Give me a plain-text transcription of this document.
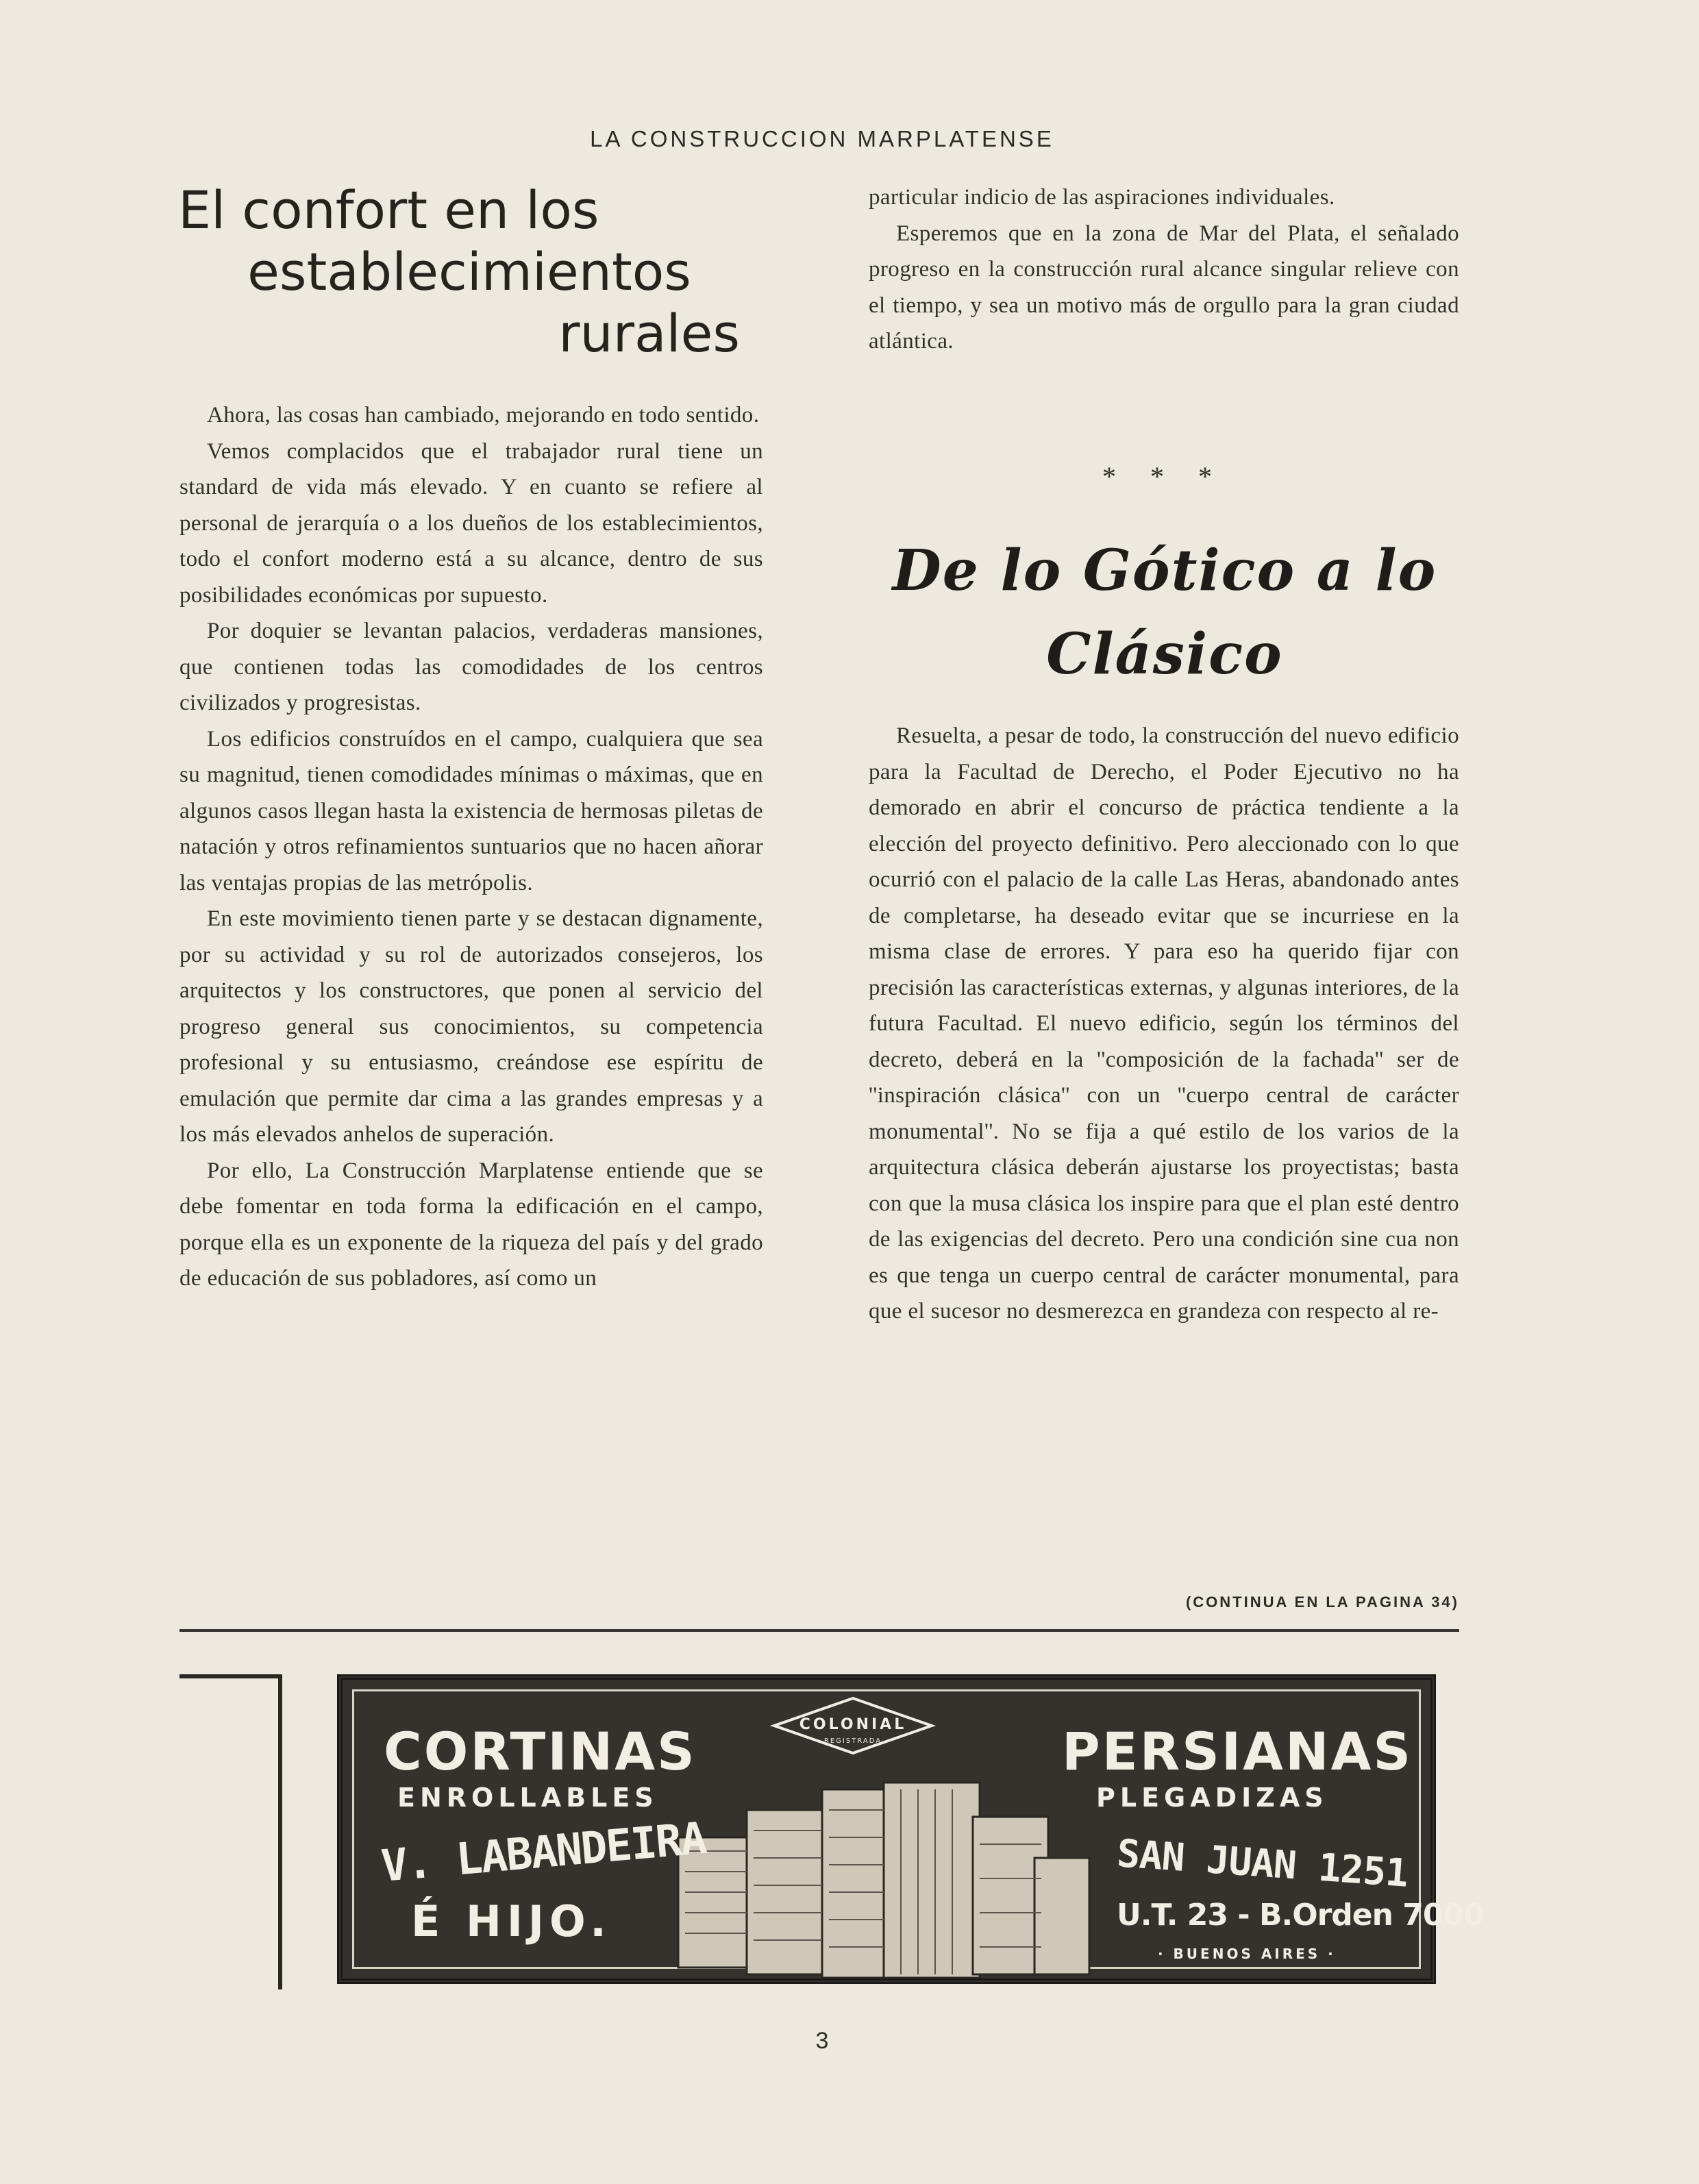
LA CONSTRUCCION MARPLATENSE
El confort en los
establecimientos
rurales

Ahora, las cosas han cambiado, mejorando en todo sentido.

Vemos complacidos que el trabajador rural tiene un standard de vida más elevado. Y en cuanto se refiere al personal de jerarquía o a los dueños de los establecimientos, todo el confort moderno está a su alcance, dentro de sus posibilidades económicas por supuesto.

Por doquier se levantan palacios, verdaderas mansiones, que contienen todas las comodidades de los centros civilizados y progresistas.

Los edificios construídos en el campo, cualquiera que sea su magnitud, tienen comodidades mínimas o máximas, que en algunos casos llegan hasta la existencia de hermosas piletas de natación y otros refinamientos suntuarios que no hacen añorar las ventajas propias de las metrópolis.

En este movimiento tienen parte y se destacan dignamente, por su actividad y su rol de autorizados consejeros, los arquitectos y los constructores, que ponen al servicio del progreso general sus conocimientos, su competencia profesional y su entusiasmo, creándose ese espíritu de emulación que permite dar cima a las grandes empresas y a los más elevados anhelos de superación.

Por ello, La Construcción Marplatense entiende que se debe fomentar en toda forma la edificación en el campo, porque ella es un exponente de la riqueza del país y del grado de educación de sus pobladores, así como un

particular indicio de las aspiraciones individuales.

Esperemos que en la zona de Mar del Plata, el señalado progreso en la construcción rural alcance singular relieve con el tiempo, y sea un motivo más de orgullo para la gran ciudad atlántica.

* * *
De lo Gótico a lo
Clásico

Resuelta, a pesar de todo, la construcción del nuevo edificio para la Facultad de Derecho, el Poder Ejecutivo no ha demorado en abrir el concurso de práctica tendiente a la elección del proyecto definitivo. Pero aleccionado con lo que ocurrió con el palacio de la calle Las Heras, abandonado antes de completarse, ha deseado evitar que se incurriese en la misma clase de errores. Y para eso ha querido fijar con precisión las características externas, y algunas interiores, de la futura Facultad. El nuevo edificio, según los términos del decreto, deberá en la ''composición de la fachada'' ser de ''inspiración clásica'' con un ''cuerpo central de carácter monumental''. No se fija a qué estilo de los varios de la arquitectura clásica deberán ajustarse los proyectistas; basta con que la musa clásica los inspire para que el plan esté dentro de las exigencias del decreto. Pero una condición sine cua non es que tenga un cuerpo central de carácter monumental, para que el sucesor no desmerezca en grandeza con respecto al re-

(CONTINUA EN LA PAGINA 34)
COLONIAL
REGISTRADA
CORTINAS
ENROLLABLES
PERSIANAS
PLEGADIZAS
V. LABANDEIRA
É HIJO.
SAN JUAN 1251
U.T. 23 - B.Orden 7000
· BUENOS AIRES ·
3
